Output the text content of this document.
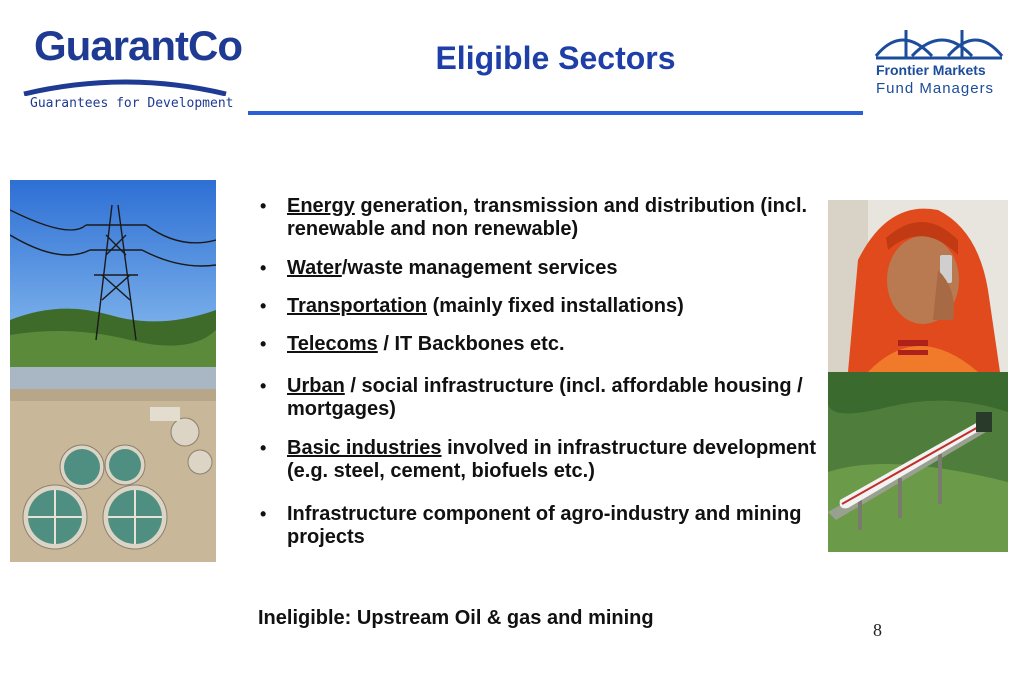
GuarantCo
Guarantees for Development
Eligible Sectors	Frontier Markets
Fund Managers
• Energy generation, transmission and distribution (incl. renewable and non renewable)
• Water/waste management services
• Transportation (mainly fixed installations)
• Telecoms / IT Backbones etc.
• Urban / social infrastructure (incl. affordable housing / mortgages)
• Basic industries involved in infrastructure development (e.g. steel, cement, biofuels etc.)
• Infrastructure component of agro-industry and mining projects
Ineligible: Upstream Oil & gas and mining
8
